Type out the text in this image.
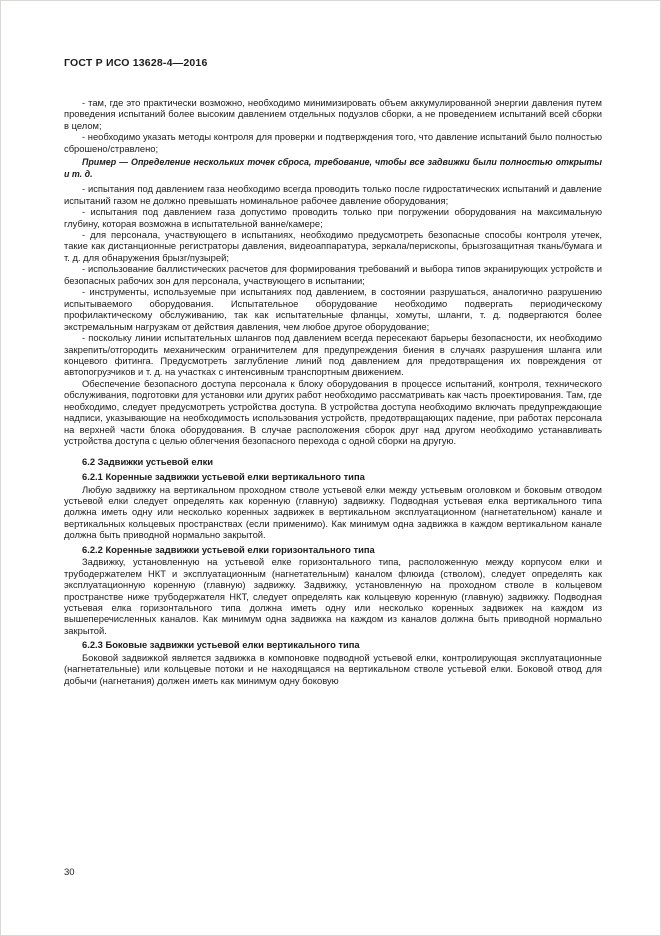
ГОСТ Р ИСО 13628-4—2016

- там, где это практически возможно, необходимо минимизировать объем аккумулированной энергии давления путем проведения испытаний более высоким давлением отдельных подузлов сборки, а не проведением испытаний всей сборки в целом;

- необходимо указать методы контроля для проверки и подтверждения того, что давление испытаний было полностью сброшено/стравлено;

Пример — Определение нескольких точек сброса, требование, чтобы все задвижки были полностью открыты и т. д.

- испытания под давлением газа необходимо всегда проводить только после гидростатических испытаний и давление испытаний газом не должно превышать номинальное рабочее давление оборудования;

- испытания под давлением газа допустимо проводить только при погружении оборудования на максимальную глубину, которая возможна в испытательной ванне/камере;

- для персонала, участвующего в испытаниях, необходимо предусмотреть безопасные способы контроля утечек, такие как дистанционные регистраторы давления, видеоаппаратура, зеркала/перископы, брызгозащитная ткань/бумага и т. д. для обнаружения брызг/пузырей;

- использование баллистических расчетов для формирования требований и выбора типов экранирующих устройств и безопасных рабочих зон для персонала, участвующего в испытании;

- инструменты, используемые при испытаниях под давлением, в состоянии разрушаться, аналогично разрушению испытываемого оборудования. Испытательное оборудование необходимо подвергать периодическому профилактическому обслуживанию, так как испытательные фланцы, хомуты, шланги, т. д. подвергаются более экстремальным нагрузкам от действия давления, чем любое другое оборудование;

- поскольку линии испытательных шлангов под давлением всегда пересекают барьеры безопасности, их необходимо закрепить/отгородить механическим ограничителем для предупреждения биения в случаях разрушения шланга или концевого фитинга. Предусмотреть заглубление линий под давлением для предотвращения их повреждения от автопогрузчиков и т. д. на участках с интенсивным транспортным движением.

Обеспечение безопасного доступа персонала к блоку оборудования в процессе испытаний, контроля, технического обслуживания, подготовки для установки или других работ необходимо рассматривать как часть проектирования. Там, где необходимо, следует предусмотреть устройства доступа. В устройства доступа необходимо включать предупреждающие надписи, указывающие на необходимость использования устройств, предотвращающих падение, при работах персонала на верхней части блока оборудования. В случае расположения сборок друг над другом необходимо устанавливать устройства доступа с целью облегчения безопасного перехода с одной сборки на другую.

6.2 Задвижки устьевой елки

6.2.1 Коренные задвижки устьевой елки вертикального типа

Любую задвижку на вертикальном проходном стволе устьевой елки между устьевым оголовком и боковым отводом устьевой елки следует определять как коренную (главную) задвижку. Подводная устьевая елка вертикального типа должна иметь одну или несколько коренных задвижек в вертикальном эксплуатационном (нагнетательном) канале и вертикальных кольцевых пространствах (если применимо). Как минимум одна задвижка в каждом вертикальном канале должна быть приводной нормально закрытой.

6.2.2 Коренные задвижки устьевой елки горизонтального типа

Задвижку, установленную на устьевой елке горизонтального типа, расположенную между корпусом елки и трубодержателем НКТ и эксплуатационным (нагнетательным) каналом флюида (стволом), следует определять как эксплуатационную коренную (главную) задвижку. Задвижку, установленную на проходном стволе в кольцевом пространстве ниже трубодержателя НКТ, следует определять как кольцевую коренную (главную) задвижку. Подводная устьевая елка горизонтального типа должна иметь одну или несколько коренных задвижек на каждом из вышеперечисленных каналов. Как минимум одна задвижка на каждом из каналов должна быть приводной нормально закрытой.

6.2.3 Боковые задвижки устьевой елки вертикального типа

Боковой задвижкой является задвижка в компоновке подводной устьевой елки, контролирующая эксплуатационные (нагнетательные) или кольцевые потоки и не находящаяся на вертикальном стволе устьевой елки. Боковой отвод для добычи (нагнетания) должен иметь как минимум одну боковую

30
